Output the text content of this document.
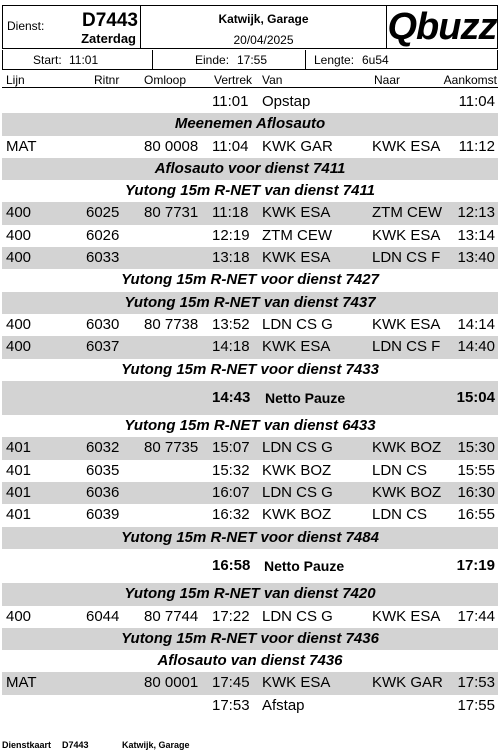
Dienst: D7443
Zaterdag
Katwijk, Garage
20/04/2025	Qbuzz
Start: 11:01	Einde: 17:55	Lengte: 6u54
Lijn	Ritnr Omloop Vertrek Van	Naar	Aankomst
11:01 Opstap	11:04
Meenemen Aflosauto
MAT	80 0008 11:04 KWK GAR	KWK ESA 11:12
Aflosauto voor dienst 7411
Yutong 15m R-NET van dienst 7411
400	6025 80 7731 11:18 KWK ESA	ZTM CEW 12:13
400	6026	12:19 ZTM CEW	KWK ESA 13:14
400	6033	13:18 KWK ESA	LDN CS F 13:40
Yutong 15m R-NET voor dienst 7427
Yutong 15m R-NET van dienst 7437
400	6030 80 7738 13:52 LDN CS G	KWK ESA 14:14
400	6037	14:18 KWK ESA	LDN CS F 14:40
Yutong 15m R-NET voor dienst 7433
14:43 Netto Pauze	15:04
Yutong 15m R-NET van dienst 6433
401	6032 80 7735 15:07 LDN CS G	KWK BOZ 15:30
401	6035	15:32 KWK BOZ	LDN CS 15:55
401	6036	16:07 LDN CS G	KWK BOZ 16:30
401	6039	16:32 KWK BOZ	LDN CS 16:55
Yutong 15m R-NET voor dienst 7484
16:58 Netto Pauze	17:19
Yutong 15m R-NET van dienst 7420
400	6044 80 7744 17:22 LDN CS G	KWK ESA 17:44
Yutong 15m R-NET voor dienst 7436
Aflosauto van dienst 7436
MAT	80 0001 17:45 KWK ESA	KWK GAR 17:53
17:53 Afstap	17:55
Dienstkaart D7443	Katwijk, Garage
